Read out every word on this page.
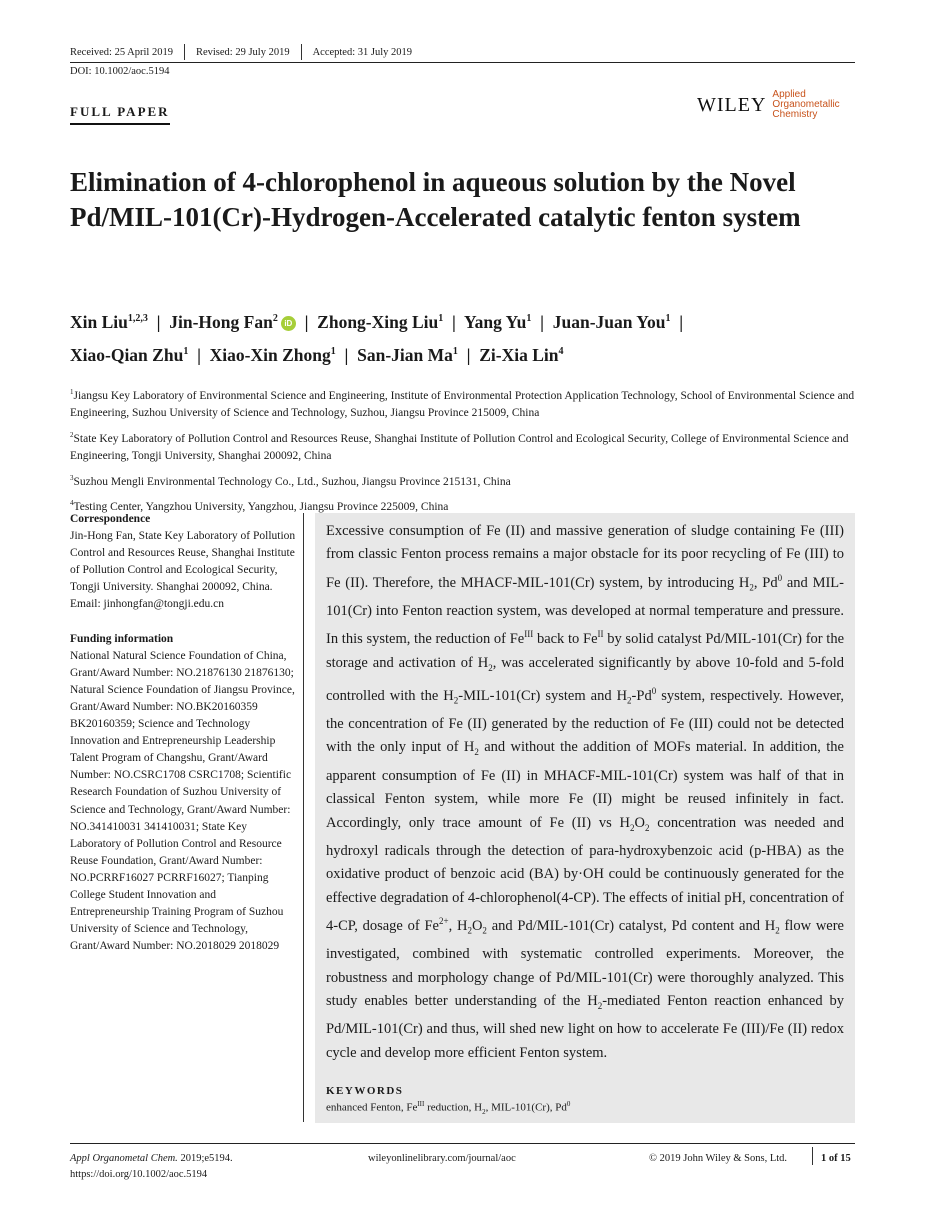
Received: 25 April 2019 Revised: 29 July 2019 Accepted: 31 July 2019
DOI: 10.1002/aoc.5194
FULL PAPER	WILEY Applied
Organometallic
Chemistry
Elimination of 4-chlorophenol in aqueous solution by the Novel Pd/MIL-101(Cr)-Hydrogen-Accelerated catalytic fenton system
Xin Liu$^{1,2,3}$  |  Jin-Hong Fan$^2$ iD  |  Zhong-Xing Liu$^1$  |  Yang Yu$^1$  |  Juan-Juan You$^1$  |
Xiao-Qian Zhu$^1$  |  Xiao-Xin Zhong$^1$  |  San-Jian Ma$^1$  |  Zi-Xia Lin$^4$

$^1$Jiangsu Key Laboratory of Environmental Science and Engineering, Institute of Environmental Protection Application Technology, School of Environmental Science and Engineering, Suzhou University of Science and Technology, Suzhou, Jiangsu Province 215009, China

$^2$State Key Laboratory of Pollution Control and Resources Reuse, Shanghai Institute of Pollution Control and Ecological Security, College of Environmental Science and Engineering, Tongji University, Shanghai 200092, China

$^3$Suzhou Mengli Environmental Technology Co., Ltd., Suzhou, Jiangsu Province 215131, China

$^4$Testing Center, Yangzhou University, Yangzhou, Jiangsu Province 225009, China

Correspondence
Jin-Hong Fan, State Key Laboratory of Pollution Control and Resources Reuse, Shanghai Institute of Pollution Control and Ecological Security, Tongji University. Shanghai 200092, China.

Email: jinhongfan@tongji.edu.cn

Funding information

National Natural Science Foundation of China, Grant/Award Number: NO.21876130 21876130; Natural Science Foundation of Jiangsu Province, Grant/Award Number: NO.BK20160359 BK20160359; Science and Technology Innovation and Entrepreneurship Leadership Talent Program of Changshu, Grant/Award Number: NO.CSRC1708 CSRC1708; Scientific Research Foundation of Suzhou University of Science and Technology, Grant/Award Number: NO.341410031 341410031; State Key Laboratory of Pollution Control and Resource Reuse Foundation, Grant/Award Number: NO.PCRRF16027 PCRRF16027; Tianping College Student Innovation and Entrepreneurship Training Program of Suzhou University of Science and Technology, Grant/Award Number: NO.2018029 2018029

Excessive consumption of Fe (II) and massive generation of sludge containing Fe (III) from classic Fenton process remains a major obstacle for its poor recycling of Fe (III) to Fe (II). Therefore, the MHACF-MIL-101(Cr) system, by introducing $H_2$, Pd$^0$ and MIL-101(Cr) into Fenton reaction system, was developed at normal temperature and pressure. In this system, the reduction of $Fe^{III}$ back to $Fe^{II}$ by solid catalyst Pd/MIL-101(Cr) for the storage and activation of $H_2$, was accelerated significantly by above 10-fold and 5-fold controlled with the $H_2-MIL-101(Cr)$ system and $H_2-Pd^0$ system, respectively. However, the concentration of Fe (II) generated by the reduction of Fe (III) could not be detected with the only input of $H_2$ and without the addition of MOFs material. In addition, the apparent consumption of Fe (II) in MHACF-MIL-101(Cr) system was half of that in classical Fenton system, while more Fe (II) might be reused infinitely in fact. Accordingly, only trace amount of Fe (II) vs $H_2O_2$ concentration was needed and hydroxyl radicals through the detection of para-hydroxybenzoic acid (p-HBA) as the oxidative product of benzoic acid (BA) by·OH could be continuously generated for the effective degradation of 4-chlorophenol(4-CP). The effects of initial pH, concentration of 4-CP, dosage of $Fe^{2+}$, $H_2O_2$ and Pd/MIL-101(Cr) catalyst, Pd content and $H_2$ flow were investigated, combined with systematic controlled experiments. Moreover, the robustness and morphology change of Pd/MIL-101(Cr) were thoroughly analyzed. This study enables better understanding of the $H_2$-mediated Fenton reaction enhanced by Pd/MIL-101(Cr) and thus, will shed new light on how to accelerate Fe (III)/Fe (II) redox cycle and develop more efficient Fenton system.
KEYWORDS
enhanced Fenton, $Fe^{III}$ reduction, $H_2$, MIL-101(Cr), Pd$^0$
Appl Organometal Chem. 2019;e5194.
https://doi.org/10.1002/aoc.5194
wileyonlinelibrary.com/journal/aoc	© 2019 John Wiley & Sons, Ltd.	1 of 15
